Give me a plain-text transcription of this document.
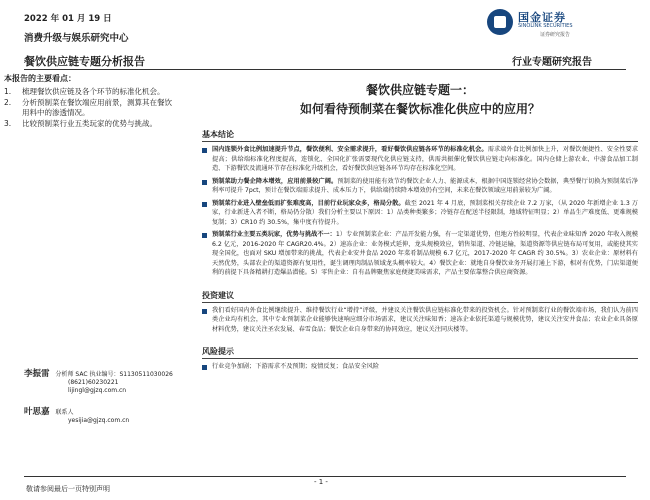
2022 年 01 月 19 日
消费升级与娱乐研究中心
餐饮供应链专题分析报告	行业专题研究报告
国金证券
SINOLINK SECURITIES
证券研究报告
本报告的主要看点：
1.	梳理餐饮供应链及各个环节的标准化机会。
2.	分析预制菜在餐饮端应用前景，测算其在餐饮用料中的渗透情况。
3.	比较预制菜行业五类玩家的优势与挑战。
餐饮供应链专题一：
如何看待预制菜在餐饮标准化供应中的应用？
基本结论
国内连锁外食比例加速提升节点，餐饮便利、安全需求提升，看好餐饮供应链各环节的标准化机会。需求端外食比例加快上升，对餐饮便捷性、安全性要求提高；供给端标准化程度提高，连锁化、全国化扩张需要现代化供应链支持，供需共振催化餐饮供应链走向标准化。国内仓储上游农业、中游食品加工制造、下游餐饮及流通环节存在标准化升级机会，看好餐饮供应链各环节均存在标准化空间。
预制菜助力餐企降本增效，应用前景较广阔。预制菜的使用能有效节约餐饮企业人力、能源成本，根据中国连锁经营协会数据，典型餐厅切换为预制菜后净利率可提升 7pct，预计在餐饮端需求提升、成本压力下，供给端持续降本增效仍有空间，未来在餐饮领域应用前景较为广阔。
预制菜行业进入壁垒低而扩张难度高，目前行业玩家众多，格局分散。截至 2021 年 4 月底，预制菜相关存续企业 7.2 万家，（从 2020 年新增企业 1.3 万家，行业新进入者不断，格局仍分散）我们分析主要以下原因：1）品类种类繁多；冷链存在配送半径限制，地域特征明显；2）单品生产难度低、更难规模复制；3）CR10 约 30.5%，集中度有待提升。
预制菜行业主要五类玩家，优势与挑战不一：1）专业预制菜企业：产品开发能力强，有一定渠道优势，但地方性较明显，代表企业味知香 2020 年收入规模 6.2 亿元，2016-2020 年 CAGR20.4%。2）速冻企业：业务模式延伸，龙头规模效应，销售渠道、冷链运输，渠道资源等供应链布局可复用，或能使其实现全国化，也面对 SKU 增加带来的挑战，代表企业安井食品 2020 年菜肴制品规模 6.7 亿元，2017-2020 年 CAGR 约 30.5%。3）农业企业：原材料有天然优势，头部农企的渠道资源有复用性，诞生调理肉制品领域龙头概率较大。4）餐饮企业：就地自身餐饮业务开展打通上下游，相对有优势，门店渠道便利的前提下具备精耕打造爆品潜能。5）零售企业：自有品牌聚焦家庭便捷美味需求，产品主要依靠整合供应商资源。
投资建议
我们看好国内外食比例继续提升、维持餐饮行业“增持”评级，并建议关注餐饮供应链标准化带来的投资机会。针对预制菜行业的餐饮端市场，我们认为前四类企业均有机会，其中专业预制菜企业能够快速响应细分市场需求，建议关注味知香；速冻企业依托渠道与规模优势，建议关注安井食品；农业企业具备原材料优势，建议关注圣农发展、春雪食品；餐饮企业自身带来的协同效应，建议关注同庆楼等。
风险提示
行业竞争加剧；下游需求不及预期；疫情反复；食品安全风险
李振雷 分析师 SAC 执业编号：S1130511030026
(8621)60230221
lijingl@gjzq.com.cn
叶思嘉 联系人
yesijia@gjzq.com.cn
- 1 -
敬请参阅最后一页特别声明
